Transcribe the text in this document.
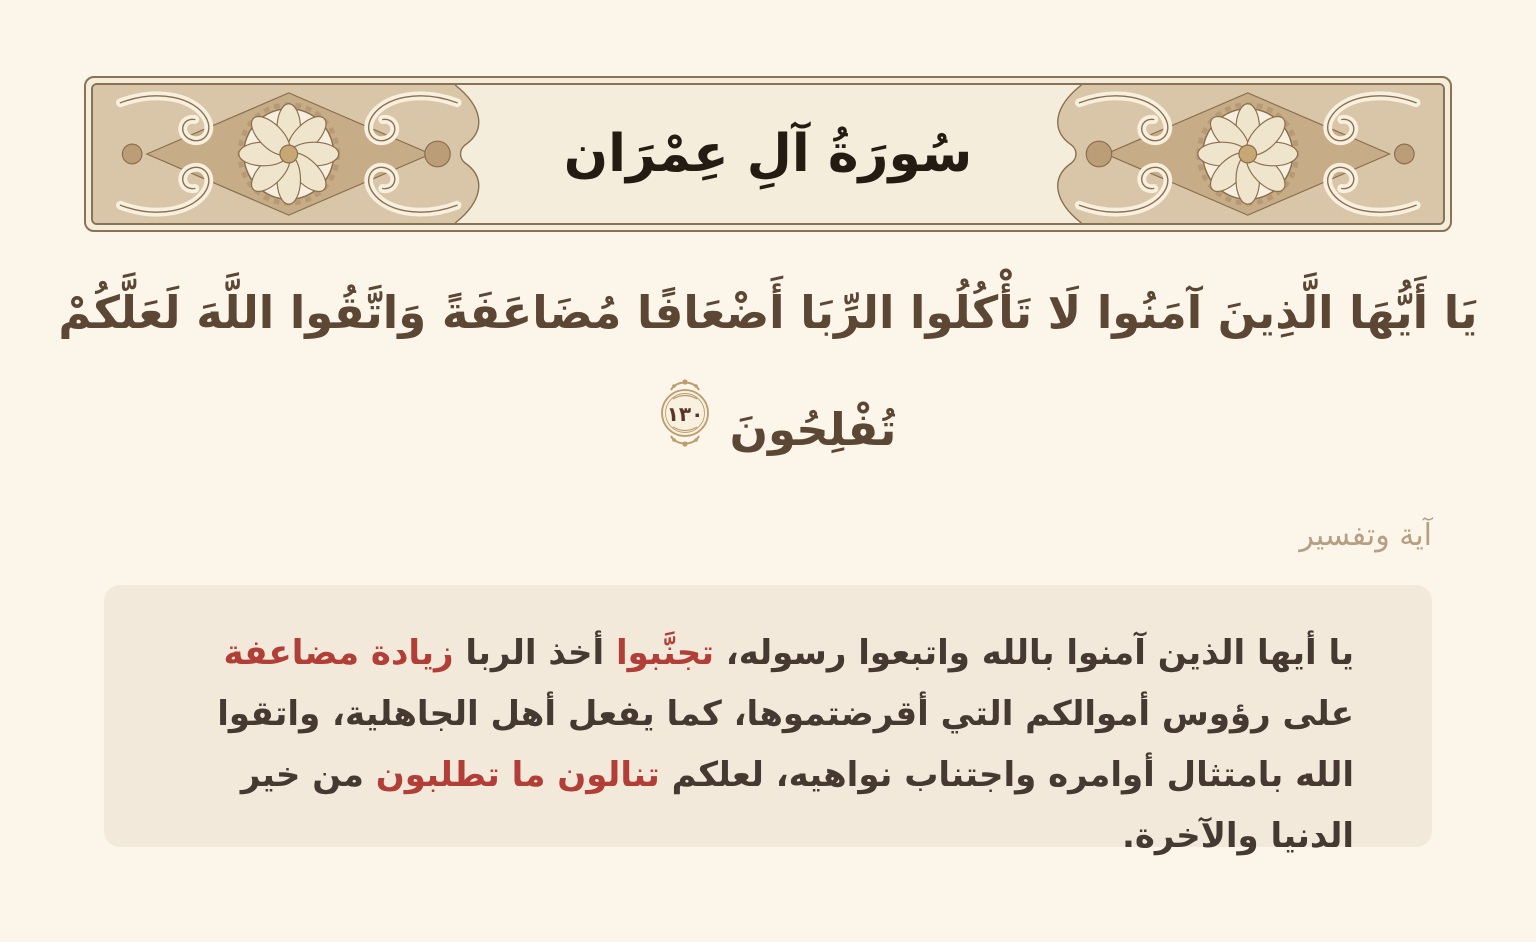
سُورَةُ آلِ عِمْرَان
يَا أَيُّهَا الَّذِينَ آمَنُوا لَا تَأْكُلُوا الرِّبَا أَضْعَافًا مُضَاعَفَةً وَاتَّقُوا اللَّهَ لَعَلَّكُمْ
تُفْلِحُونَ
١٣٠
آية وتفسير

يا أيها الذين آمنوا بالله واتبعوا رسوله، تجنَّبوا أخذ الربا زيادة مضاعفة على رؤوس أموالكم التي أقرضتموها، كما يفعل أهل الجاهلية، واتقوا الله بامتثال أوامره واجتناب نواهيه، لعلكم تنالون ما تطلبون من خير الدنيا والآخرة.
